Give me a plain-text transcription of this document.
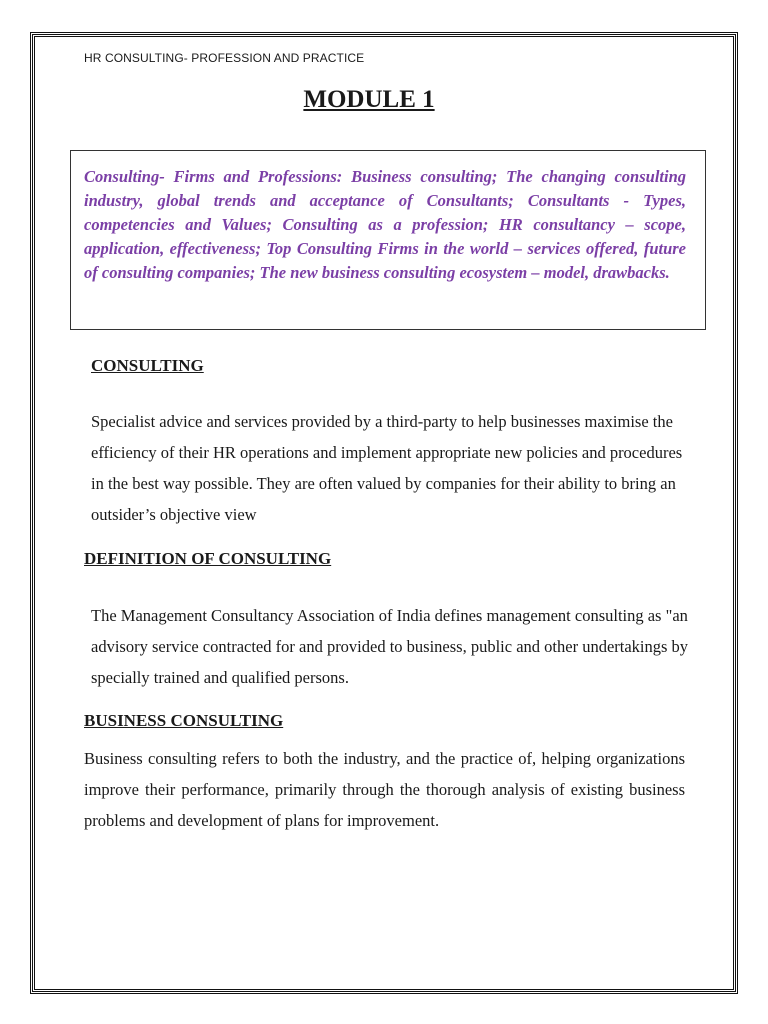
HR CONSULTING- PROFESSION AND PRACTICE
MODULE 1

Consulting- Firms and Professions: Business consulting; The changing consulting industry, global trends and acceptance of Consultants; Consultants - Types, competencies and Values; Consulting as a profession; HR consultancy – scope, application, effectiveness; Top Consulting Firms in the world – services offered, future of consulting companies; The new business consulting ecosystem – model, drawbacks.

CONSULTING

Specialist advice and services provided by a third-party to help businesses maximise the efficiency of their HR operations and implement appropriate new policies and procedures in the best way possible. They are often valued by companies for their ability to bring an outsider’s objective view

DEFINITION OF CONSULTING

The Management Consultancy Association of India defines management consulting as "an advisory service contracted for and provided to business, public and other undertakings by specially trained and qualified persons.

BUSINESS CONSULTING

Business consulting refers to both the industry, and the practice of, helping organizations improve their performance, primarily through the thorough analysis of existing business problems and development of plans for improvement.
